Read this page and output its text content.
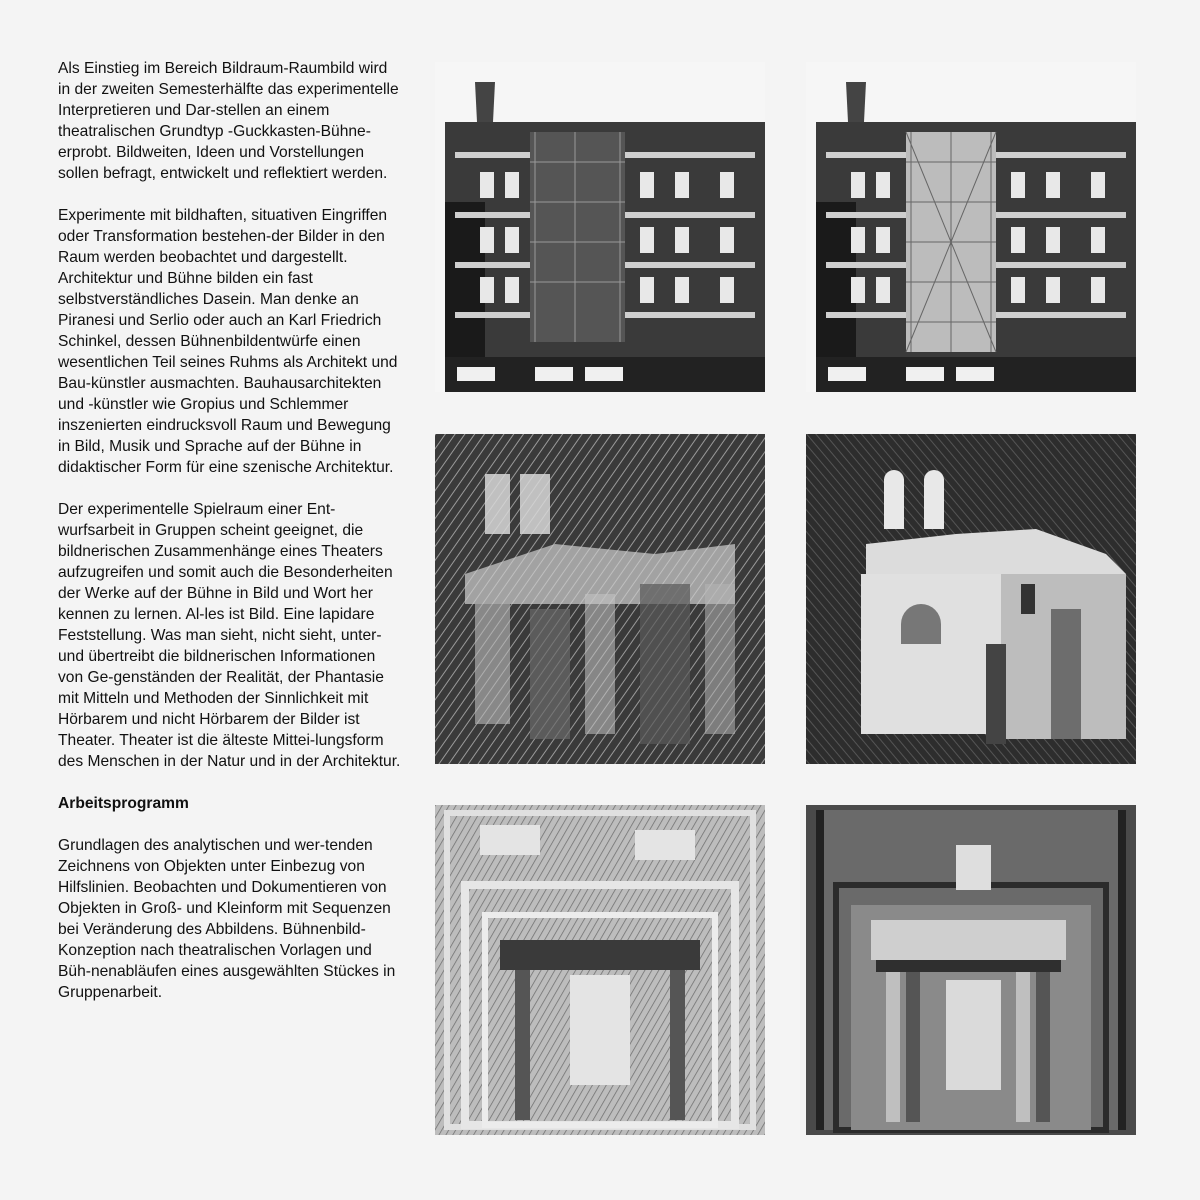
Als Einstieg im Bereich Bildraum-Raumbild wird in der zweiten Semesterhälfte das experimentelle Interpretieren und Dar-stellen an einem theatralischen Grundtyp -Guckkasten-Bühne- erprobt. Bildweiten, Ideen und Vorstellungen sollen befragt, entwickelt und reflektiert werden.

Experimente mit bildhaften, situativen Eingriffen oder Transformation bestehen-der Bilder in den Raum werden beobachtet und dargestellt. Architektur und Bühne bilden ein fast selbstverständliches Dasein. Man denke an Piranesi und Serlio oder auch an Karl Friedrich Schinkel, dessen Bühnenbildentwürfe einen wesentlichen Teil seines Ruhms als Architekt und Bau-künstler ausmachten. Bauhausarchitekten und -künstler wie Gropius und Schlemmer inszenierten eindrucksvoll Raum und Bewegung in Bild, Musik und Sprache auf der Bühne in didaktischer Form für eine szenische Architektur.

Der experimentelle Spielraum einer Ent-wurfsarbeit in Gruppen scheint geeignet, die bildnerischen Zusammenhänge eines Theaters aufzugreifen und somit auch die Besonderheiten der Werke auf der Bühne in Bild und Wort her kennen zu lernen. Al-les ist Bild. Eine lapidare Feststellung. Was man sieht, nicht sieht, unter- und übertreibt die bildnerischen Informationen von Ge-genständen der Realität, der Phantasie mit Mitteln und Methoden der Sinnlichkeit mit Hörbarem und nicht Hörbarem der Bilder ist Theater. Theater ist die älteste Mittei-lungsform des Menschen in der Natur und in der Architektur.

Arbeitsprogramm

Grundlagen des analytischen und wer-tenden Zeichnens von Objekten unter Einbezug von Hilfslinien. Beobachten und Dokumentieren von Objekten in Groß- und Kleinform mit Sequenzen bei Veränderung des Abbildens. Bühnenbild-Konzeption nach theatralischen Vorlagen und Büh-nenabläufen eines ausgewählten Stückes in Gruppenarbeit.
